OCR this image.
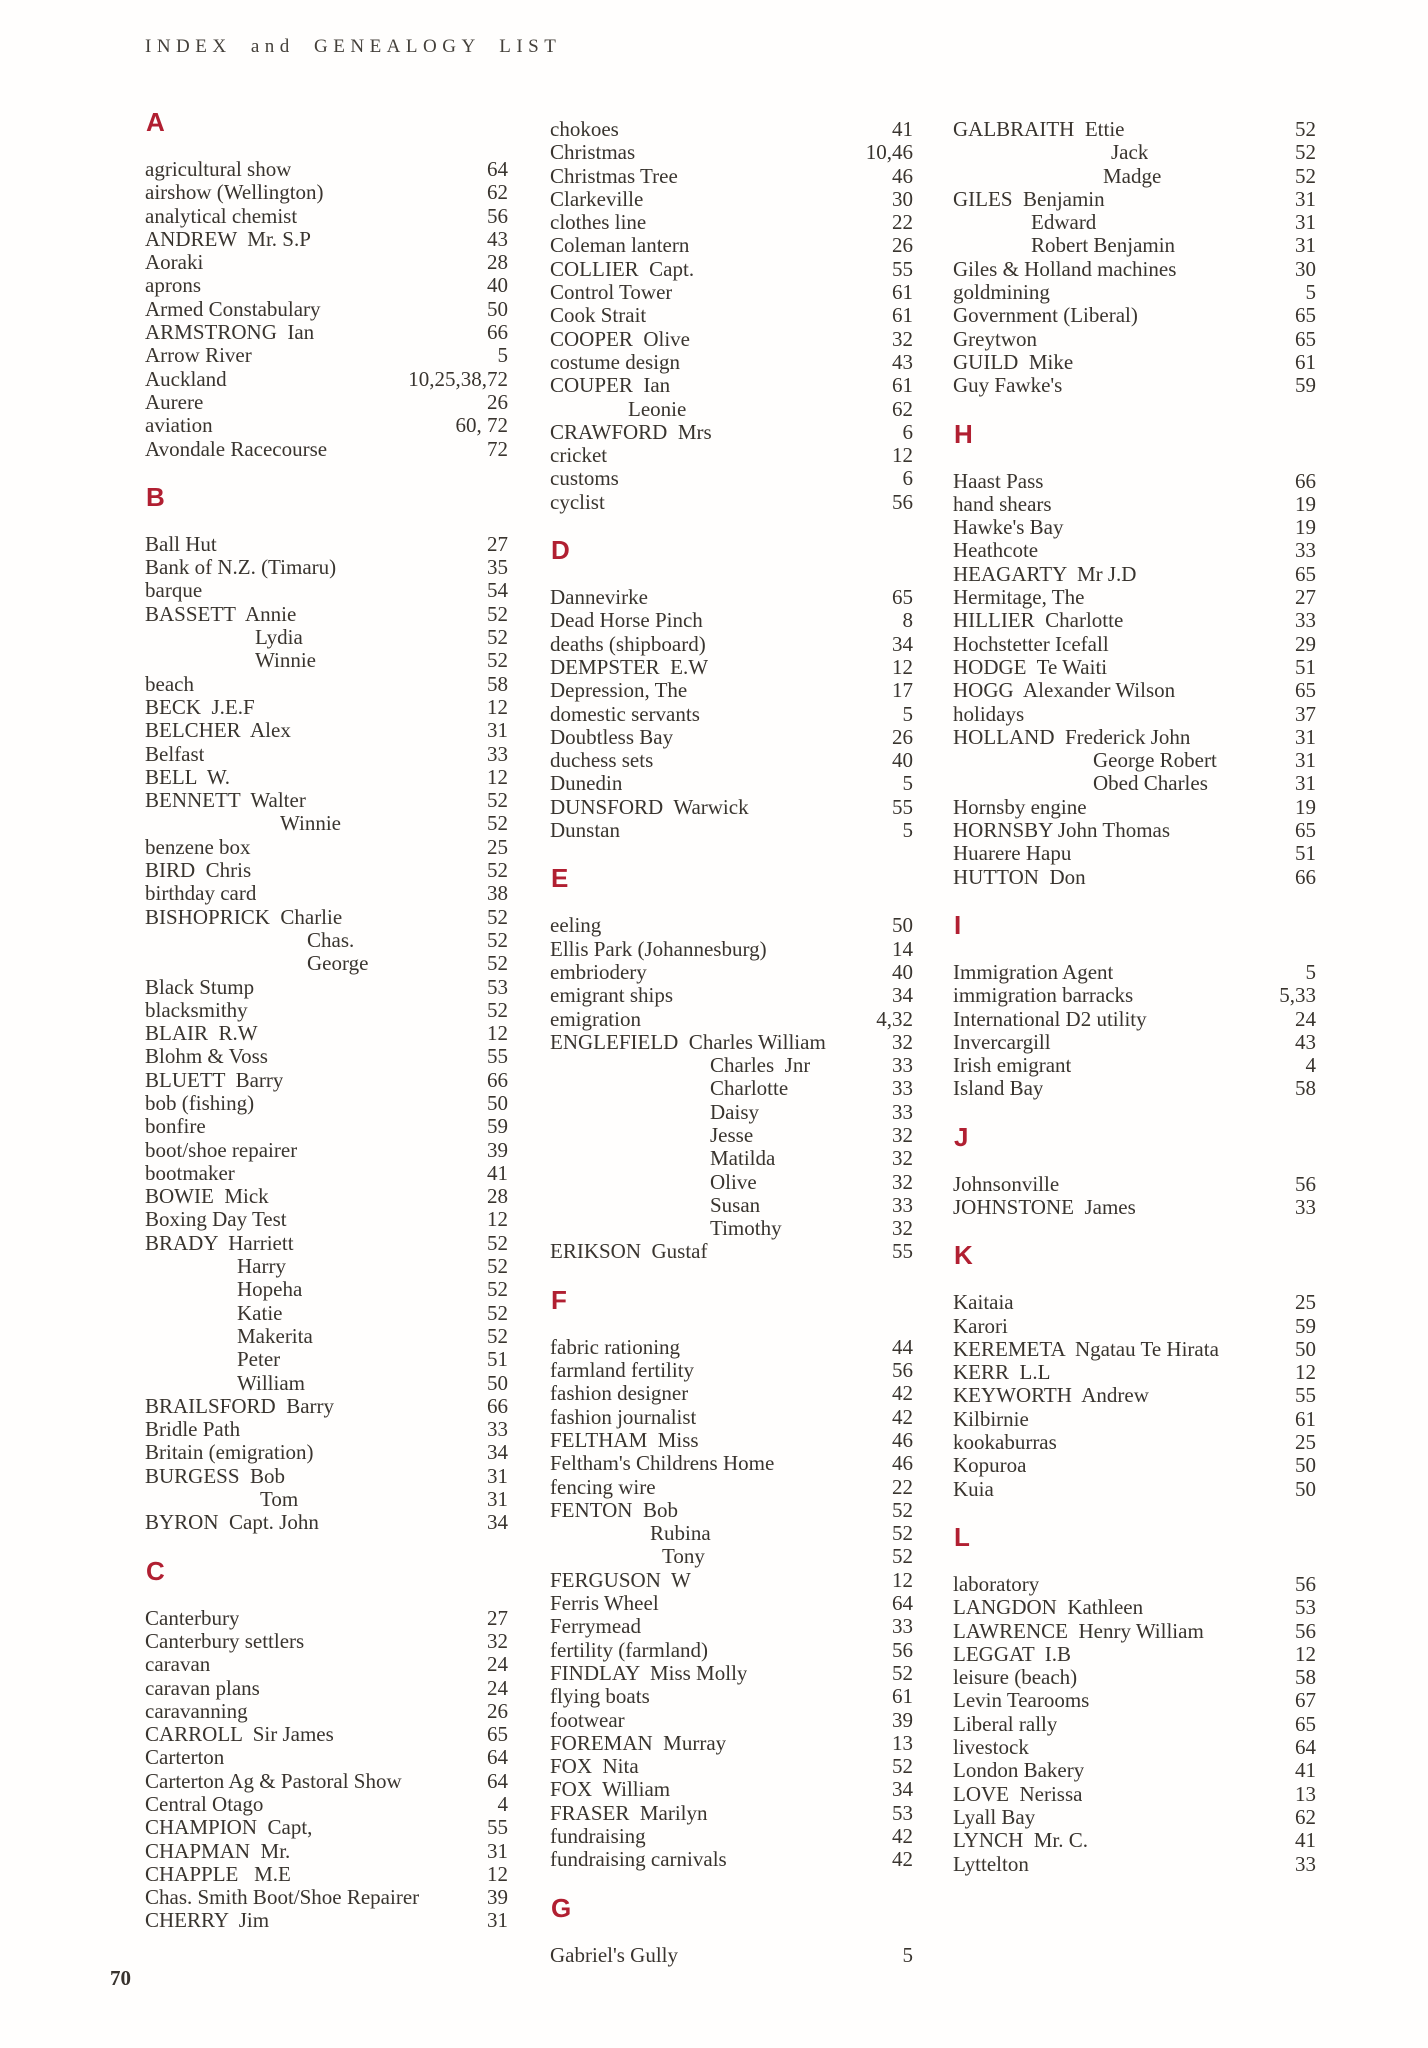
INDEX and GENEALOGY LIST
A
agricultural show	64
airshow (Wellington)	62
analytical chemist	56
ANDREW  Mr. S.P	43
Aoraki	28
aprons	40
Armed Constabulary	50
ARMSTRONG  Ian	66
Arrow River	5
Auckland	10,25,38,72
Aurere	26
aviation	60, 72
Avondale Racecourse	72
B
Ball Hut	27
Bank of N.Z. (Timaru)	35
barque	54
BASSETT  Annie	52
Lydia	52
Winnie	52
beach	58
BECK  J.E.F	12
BELCHER  Alex	31
Belfast	33
BELL  W.	12
BENNETT  Walter	52
Winnie	52
benzene box	25
BIRD  Chris	52
birthday card	38
BISHOPRICK  Charlie	52
Chas.	52
George	52
Black Stump	53
blacksmithy	52
BLAIR  R.W	12
Blohm & Voss	55
BLUETT  Barry	66
bob (fishing)	50
bonfire	59
boot/shoe repairer	39
bootmaker	41
BOWIE  Mick	28
Boxing Day Test	12
BRADY  Harriett	52
Harry	52
Hopeha	52
Katie	52
Makerita	52
Peter	51
William	50
BRAILSFORD  Barry	66
Bridle Path	33
Britain (emigration)	34
BURGESS  Bob	31
Tom	31
BYRON  Capt. John	34
C
Canterbury	27
Canterbury settlers	32
caravan	24
caravan plans	24
caravanning	26
CARROLL  Sir James	65
Carterton	64
Carterton Ag & Pastoral Show	64
Central Otago	4
CHAMPION  Capt,	55
CHAPMAN  Mr.	31
CHAPPLE   M.E	12
Chas. Smith Boot/Shoe Repairer	39
CHERRY  Jim	31
chokoes	41
Christmas	10,46
Christmas Tree	46
Clarkeville	30
clothes line	22
Coleman lantern	26
COLLIER  Capt.	55
Control Tower	61
Cook Strait	61
COOPER  Olive	32
costume design	43
COUPER  Ian	61
Leonie	62
CRAWFORD  Mrs	6
cricket	12
customs	6
cyclist	56
D
Dannevirke	65
Dead Horse Pinch	8
deaths (shipboard)	34
DEMPSTER  E.W	12
Depression, The	17
domestic servants	5
Doubtless Bay	26
duchess sets	40
Dunedin	5
DUNSFORD  Warwick	55
Dunstan	5
E
eeling	50
Ellis Park (Johannesburg)	14
embriodery	40
emigrant ships	34
emigration	4,32
ENGLEFIELD  Charles William	32
Charles  Jnr	33
Charlotte	33
Daisy	33
Jesse	32
Matilda	32
Olive	32
Susan	33
Timothy	32
ERIKSON  Gustaf	55
F
fabric rationing	44
farmland fertility	56
fashion designer	42
fashion journalist	42
FELTHAM  Miss	46
Feltham's Childrens Home	46
fencing wire	22
FENTON  Bob	52
Rubina	52
Tony	52
FERGUSON  W	12
Ferris Wheel	64
Ferrymead	33
fertility (farmland)	56
FINDLAY  Miss Molly	52
flying boats	61
footwear	39
FOREMAN  Murray	13
FOX  Nita	52
FOX  William	34
FRASER  Marilyn	53
fundraising	42
fundraising carnivals	42
G
Gabriel's Gully	5
GALBRAITH  Ettie	52
Jack	52
Madge	52
GILES  Benjamin	31
Edward	31
Robert Benjamin	31
Giles & Holland machines	30
goldmining	5
Government (Liberal)	65
Greytwon	65
GUILD  Mike	61
Guy Fawke's	59
H
Haast Pass	66
hand shears	19
Hawke's Bay	19
Heathcote	33
HEAGARTY  Mr J.D	65
Hermitage, The	27
HILLIER  Charlotte	33
Hochstetter Icefall	29
HODGE  Te Waiti	51
HOGG  Alexander Wilson	65
holidays	37
HOLLAND  Frederick John	31
George Robert	31
Obed Charles	31
Hornsby engine	19
HORNSBY John Thomas	65
Huarere Hapu	51
HUTTON  Don	66
I
Immigration Agent	5
immigration barracks	5,33
International D2 utility	24
Invercargill	43
Irish emigrant	4
Island Bay	58
J
Johnsonville	56
JOHNSTONE  James	33
K
Kaitaia	25
Karori	59
KEREMETA  Ngatau Te Hirata	50
KERR  L.L	12
KEYWORTH  Andrew	55
Kilbirnie	61
kookaburras	25
Kopuroa	50
Kuia	50
L
laboratory	56
LANGDON  Kathleen	53
LAWRENCE  Henry William	56
LEGGAT  I.B	12
leisure (beach)	58
Levin Tearooms	67
Liberal rally	65
livestock	64
London Bakery	41
LOVE  Nerissa	13
Lyall Bay	62
LYNCH  Mr. C.	41
Lyttelton	33
70
